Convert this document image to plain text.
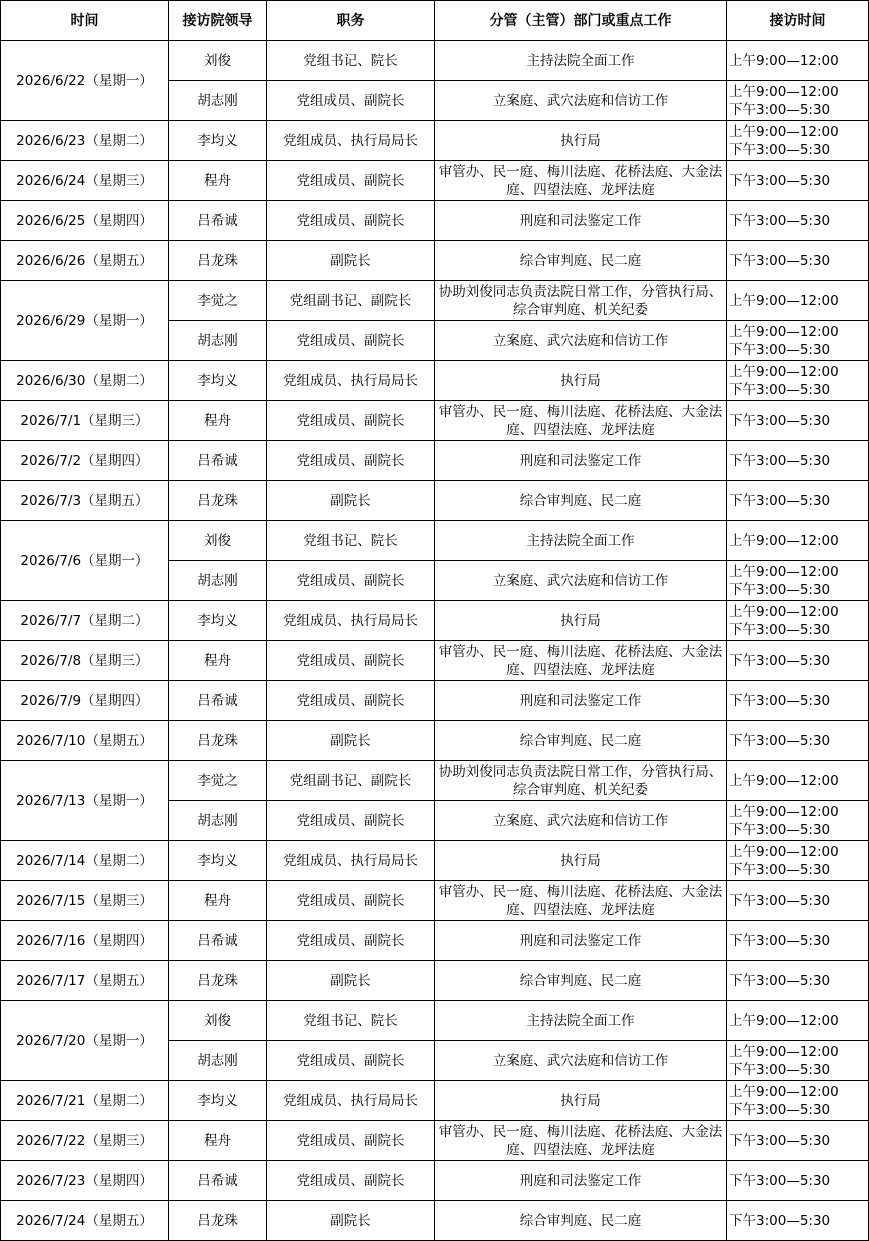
时间	接访院领导	职务	分管（主管）部门或重点工作	接访时间
2026/6/22（星期一）	刘俊	党组书记、院长	主持法院全面工作	上午9:00—12:00
	胡志刚	党组成员、副院长	立案庭、武穴法庭和信访工作	上午9:00—12:00
下午3:00—5:30
2026/6/23（星期二）	李均义	党组成员、执行局局长	执行局	上午9:00—12:00
下午3:00—5:30
2026/6/24（星期三）	程舟	党组成员、副院长	审管办、民一庭、梅川法庭、花桥法庭、大金法庭、四望法庭、龙坪法庭	下午3:00—5:30
2026/6/25（星期四）	吕希诚	党组成员、副院长	刑庭和司法鉴定工作	下午3:00—5:30
2026/6/26（星期五）	吕龙珠	副院长	综合审判庭、民二庭	下午3:00—5:30
2026/6/29（星期一）	李觉之	党组副书记、副院长	协助刘俊同志负责法院日常工作，分管执行局、综合审判庭、机关纪委	上午9:00—12:00
	胡志刚	党组成员、副院长	立案庭、武穴法庭和信访工作	上午9:00—12:00
下午3:00—5:30
2026/6/30（星期二）	李均义	党组成员、执行局局长	执行局	上午9:00—12:00
下午3:00—5:30
2026/7/1（星期三）	程舟	党组成员、副院长	审管办、民一庭、梅川法庭、花桥法庭、大金法庭、四望法庭、龙坪法庭	下午3:00—5:30
2026/7/2（星期四）	吕希诚	党组成员、副院长	刑庭和司法鉴定工作	下午3:00—5:30
2026/7/3（星期五）	吕龙珠	副院长	综合审判庭、民二庭	下午3:00—5:30
2026/7/6（星期一）	刘俊	党组书记、院长	主持法院全面工作	上午9:00—12:00
	胡志刚	党组成员、副院长	立案庭、武穴法庭和信访工作	上午9:00—12:00
下午3:00—5:30
2026/7/7（星期二）	李均义	党组成员、执行局局长	执行局	上午9:00—12:00
下午3:00—5:30
2026/7/8（星期三）	程舟	党组成员、副院长	审管办、民一庭、梅川法庭、花桥法庭、大金法庭、四望法庭、龙坪法庭	下午3:00—5:30
2026/7/9（星期四）	吕希诚	党组成员、副院长	刑庭和司法鉴定工作	下午3:00—5:30
2026/7/10（星期五）	吕龙珠	副院长	综合审判庭、民二庭	下午3:00—5:30
2026/7/13（星期一）	李觉之	党组副书记、副院长	协助刘俊同志负责法院日常工作，分管执行局、综合审判庭、机关纪委	上午9:00—12:00
	胡志刚	党组成员、副院长	立案庭、武穴法庭和信访工作	上午9:00—12:00
下午3:00—5:30
2026/7/14（星期二）	李均义	党组成员、执行局局长	执行局	上午9:00—12:00
下午3:00—5:30
2026/7/15（星期三）	程舟	党组成员、副院长	审管办、民一庭、梅川法庭、花桥法庭、大金法庭、四望法庭、龙坪法庭	下午3:00—5:30
2026/7/16（星期四）	吕希诚	党组成员、副院长	刑庭和司法鉴定工作	下午3:00—5:30
2026/7/17（星期五）	吕龙珠	副院长	综合审判庭、民二庭	下午3:00—5:30
2026/7/20（星期一）	刘俊	党组书记、院长	主持法院全面工作	上午9:00—12:00
	胡志刚	党组成员、副院长	立案庭、武穴法庭和信访工作	上午9:00—12:00
下午3:00—5:30
2026/7/21（星期二）	李均义	党组成员、执行局局长	执行局	上午9:00—12:00
下午3:00—5:30
2026/7/22（星期三）	程舟	党组成员、副院长	审管办、民一庭、梅川法庭、花桥法庭、大金法庭、四望法庭、龙坪法庭	下午3:00—5:30
2026/7/23（星期四）	吕希诚	党组成员、副院长	刑庭和司法鉴定工作	下午3:00—5:30
2026/7/24（星期五）	吕龙珠	副院长	综合审判庭、民二庭	下午3:00—5:30
